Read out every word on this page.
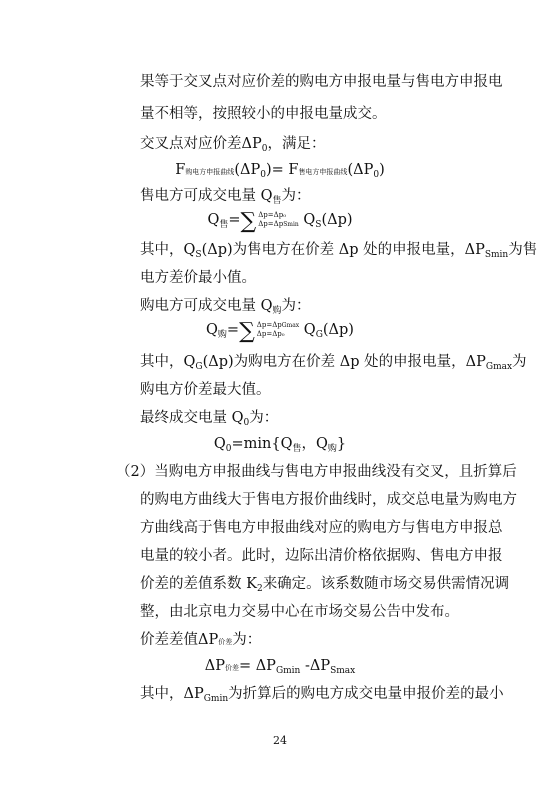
果等于交叉点对应价差的购电方申报电量与售电方申报电
量不相等，按照较小的申报电量成交。
交叉点对应价差$\Delta P_0$，满足：
F购电方申报曲线$(\Delta P_0)= F$售电方申报曲线$(\Delta P_0)$
售电方可成交电量 $Q_售$为：
$Q_售=\sum$ Δp=Δp₀
Δp=ΔpSmin $Q_S(\Delta p)$
其中，$Q_S(\Delta p)$为售电方在价差 Δp 处的申报电量，$\Delta P_{Smin}$为售
电方差价最小值。
购电方可成交电量 $Q_购$为：
$Q_购=\sum$ Δp=ΔpGmax
Δp=Δp₀ $Q_G(\Delta p)$
其中，$Q_G(\Delta p)$为购电方在价差 Δp 处的申报电量，$\Delta P_{Gmax}$为
购电方价差最大值。
最终成交电量 $Q_0$为：
$Q_0=\min\{Q_售$，$Q_购$}
（2）当购电方申报曲线与售电方申报曲线没有交叉，且折算后
的购电方曲线大于售电方报价曲线时，成交总电量为购电方
方曲线高于售电方申报曲线对应的购电方与售电方申报总
电量的较小者。此时，边际出清价格依据购、售电方申报
价差的差值系数 $K_2$来确定。该系数随市场交易供需情况调
整，由北京电力交易中心在市场交易公告中发布。
价差差值ΔP价差为：
ΔP价差= $\Delta P_{Gmin}$ $-\Delta P_{Smax}$
其中，$\Delta P_{Gmin}$为折算后的购电方成交电量申报价差的最小
24
